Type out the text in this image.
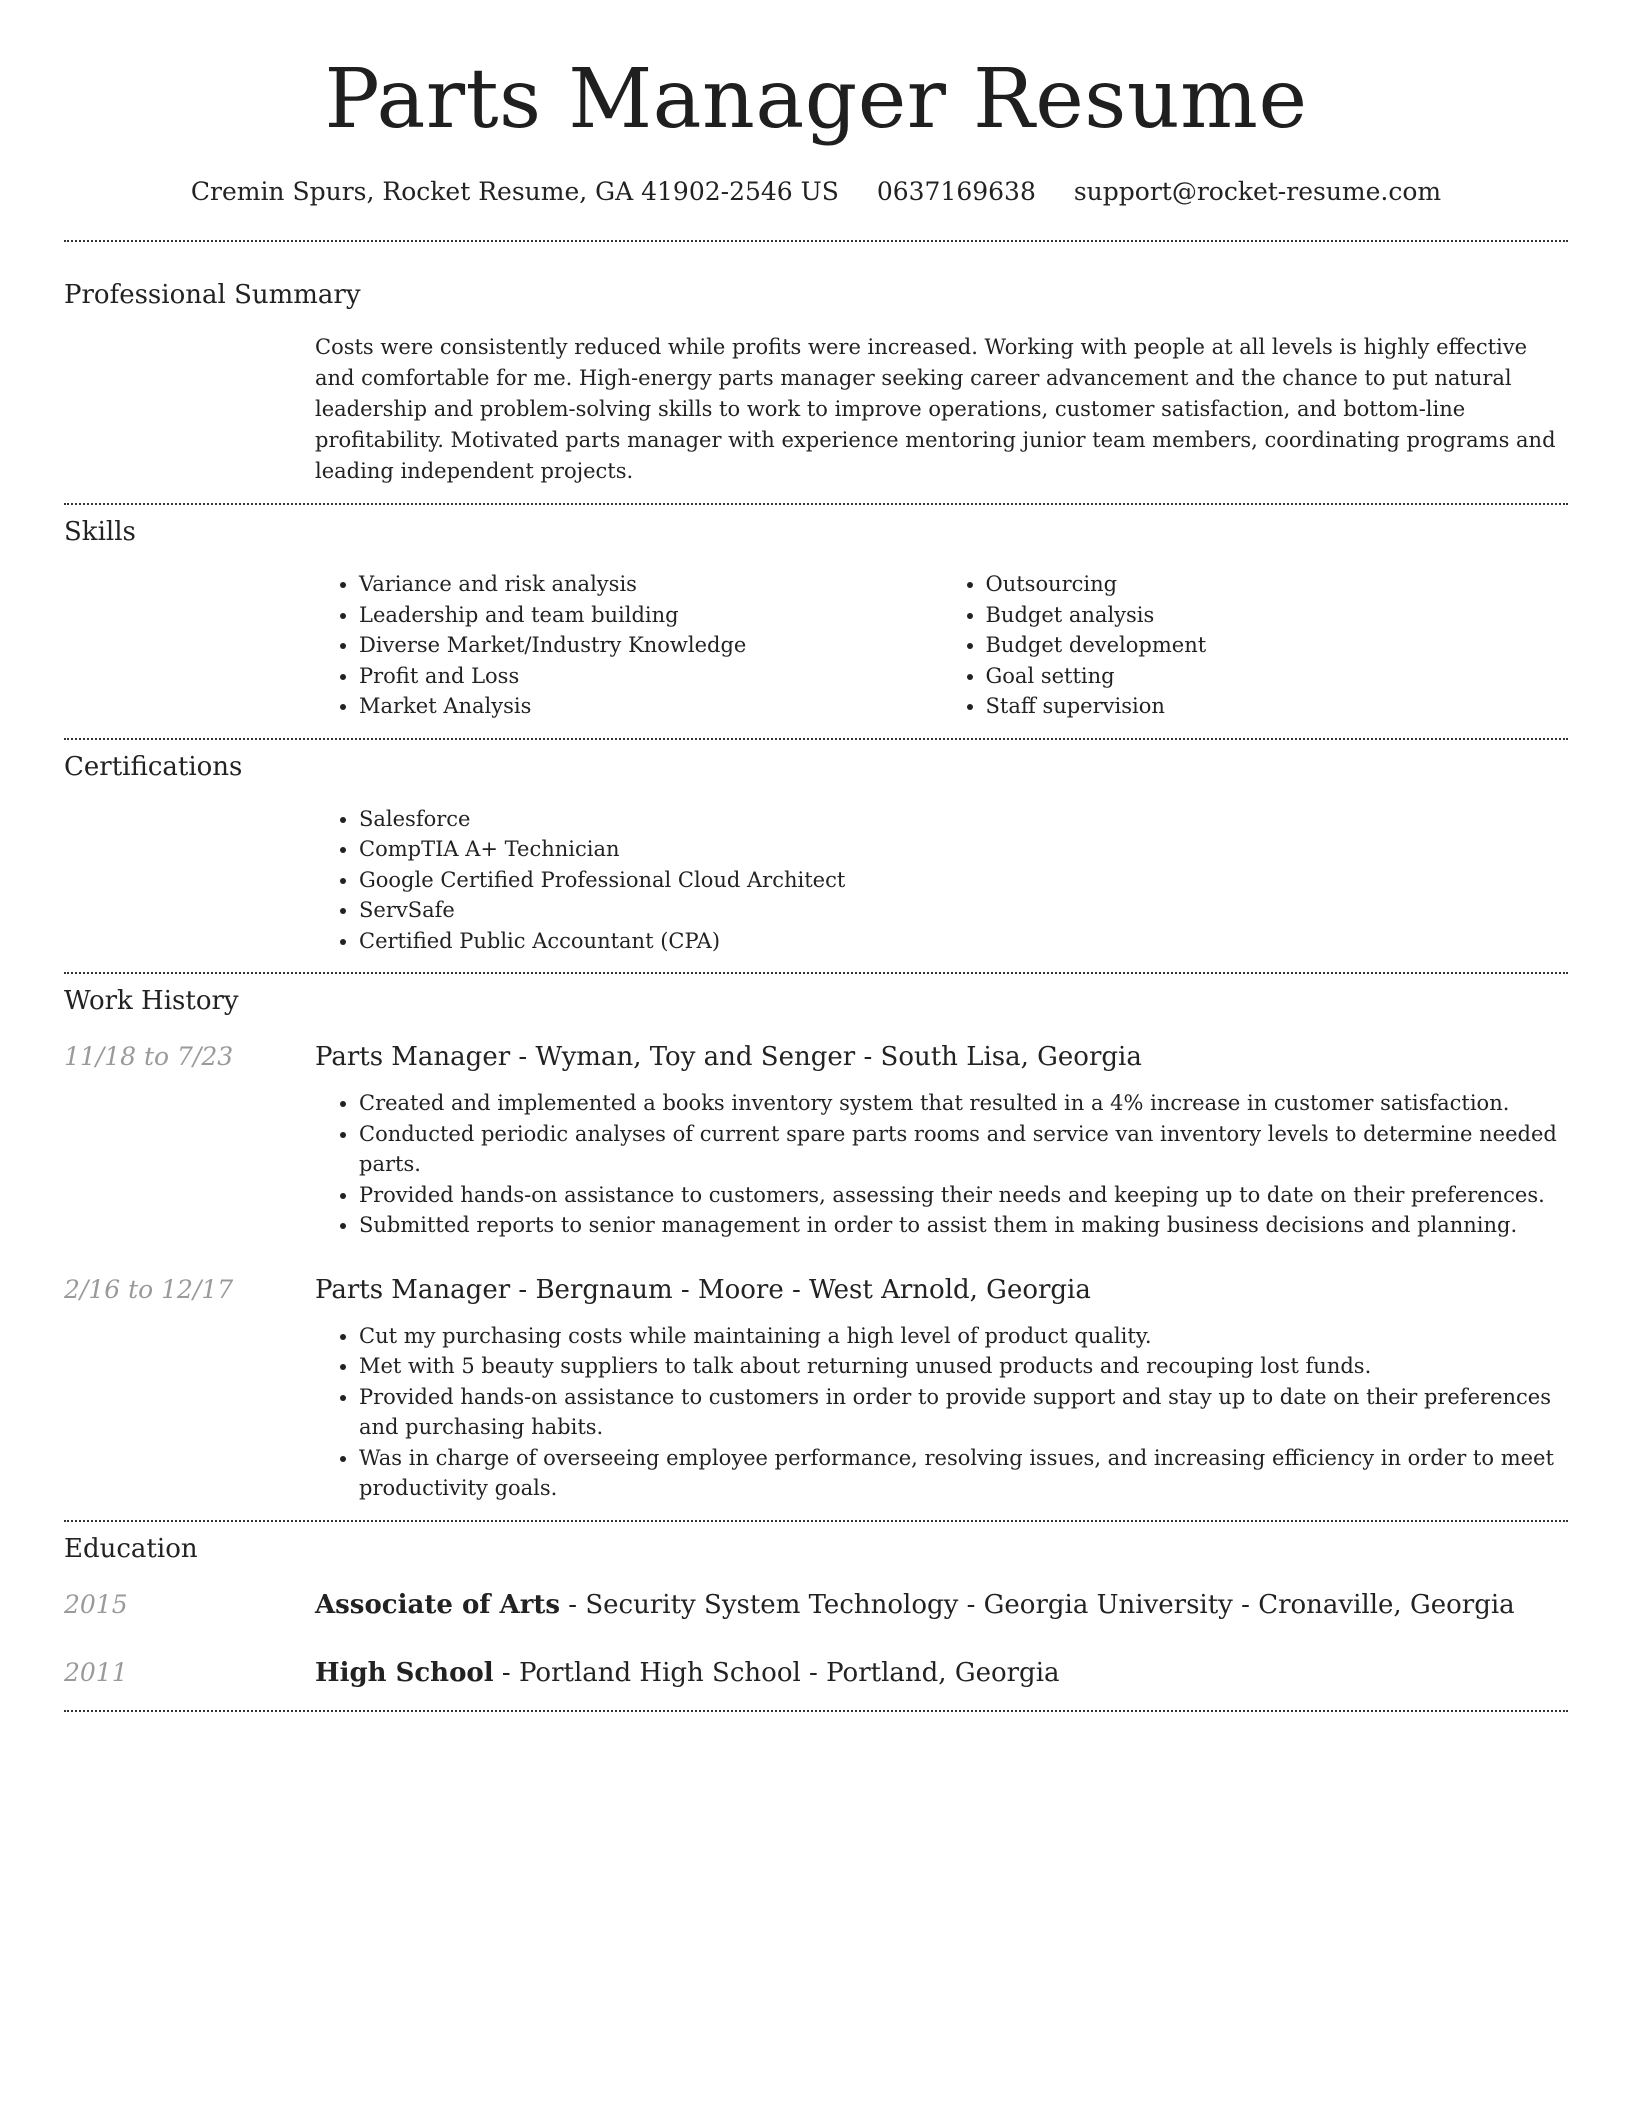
Parts Manager Resume
Cremin Spurs, Rocket Resume, GA 41902-2546 US 0637169638 support@rocket-resume.com
Professional Summary

Costs were consistently reduced while profits were increased. Working with people at all levels is highly effective and comfortable for me. High-energy parts manager seeking career advancement and the chance to put natural leadership and problem-solving skills to work to improve operations, customer satisfaction, and bottom-line profitability. Motivated parts manager with experience mentoring junior team members, coordinating programs and leading independent projects.

Skills
• Variance and risk analysis
• Leadership and team building
• Diverse Market/Industry Knowledge
• Profit and Loss
• Market Analysis
• Outsourcing
• Budget analysis
• Budget development
• Goal setting
• Staff supervision
Certifications
• Salesforce
• CompTIA A+ Technician
• Google Certified Professional Cloud Architect
• ServSafe
• Certified Public Accountant (CPA)
Work History
11/18 to 7/23	Parts Manager - Wyman, Toy and Senger - South Lisa, Georgia
• Created and implemented a books inventory system that resulted in a 4% increase in customer satisfaction.
• Conducted periodic analyses of current spare parts rooms and service van inventory levels to determine needed parts.
• Provided hands-on assistance to customers, assessing their needs and keeping up to date on their preferences.
• Submitted reports to senior management in order to assist them in making business decisions and planning.
2/16 to 12/17	Parts Manager - Bergnaum - Moore - West Arnold, Georgia
• Cut my purchasing costs while maintaining a high level of product quality.
• Met with 5 beauty suppliers to talk about returning unused products and recouping lost funds.
• Provided hands-on assistance to customers in order to provide support and stay up to date on their preferences and purchasing habits.
• Was in charge of overseeing employee performance, resolving issues, and increasing efficiency in order to meet productivity goals.
Education
2015	Associate of Arts - Security System Technology - Georgia University - Cronaville, Georgia
2011	High School - Portland High School - Portland, Georgia
